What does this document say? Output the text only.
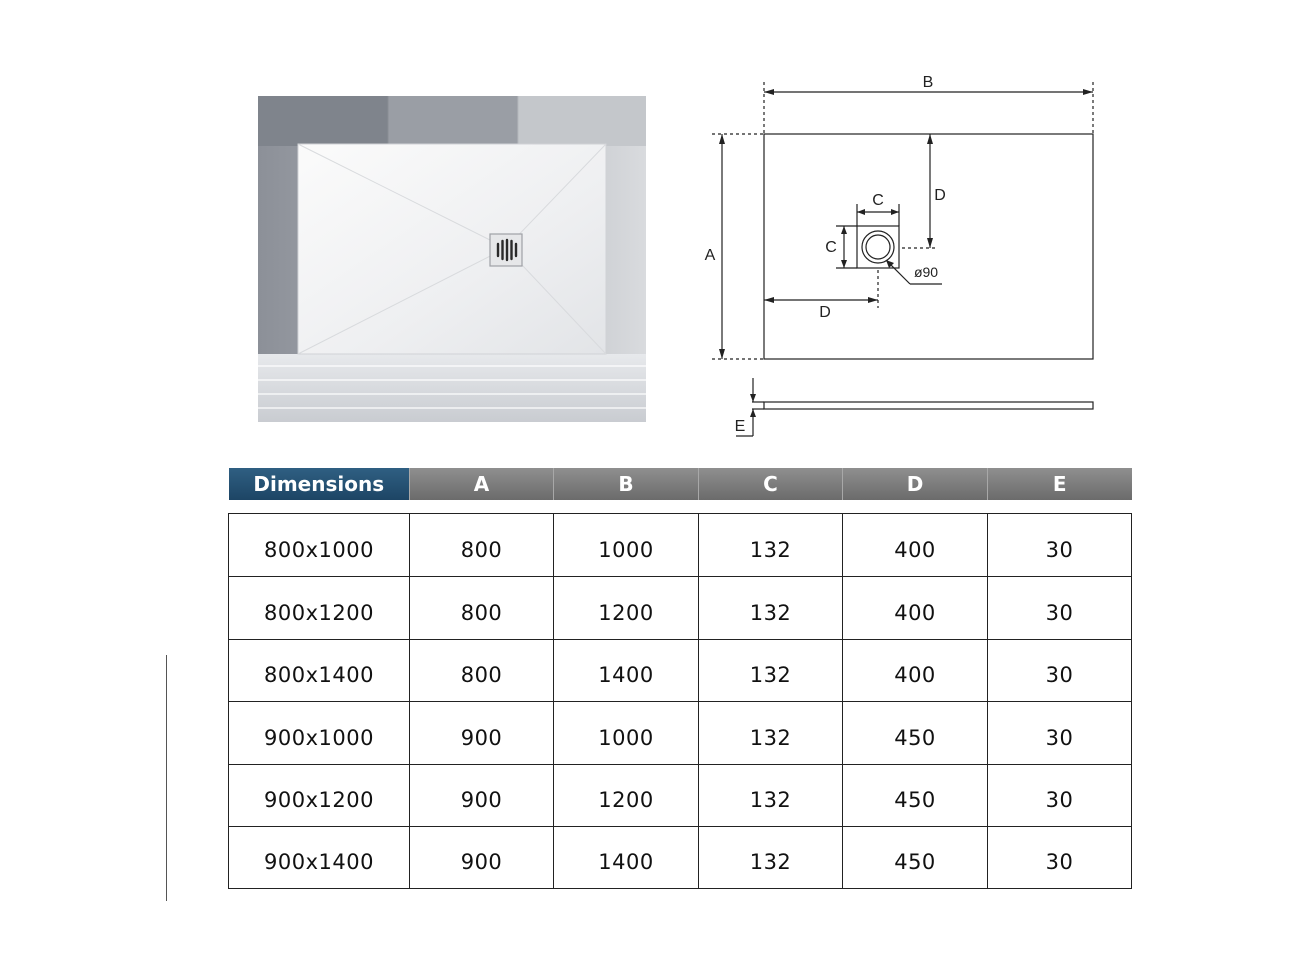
B
A
D
D
C
C
ø90
E
Dimensions	A	B	C	D	E

800x1000	800	1000	132	400	30
800x1200	800	1200	132	400	30
800x1400	800	1400	132	400	30
900x1000	900	1000	132	450	30
900x1200	900	1200	132	450	30
900x1400	900	1400	132	450	30
